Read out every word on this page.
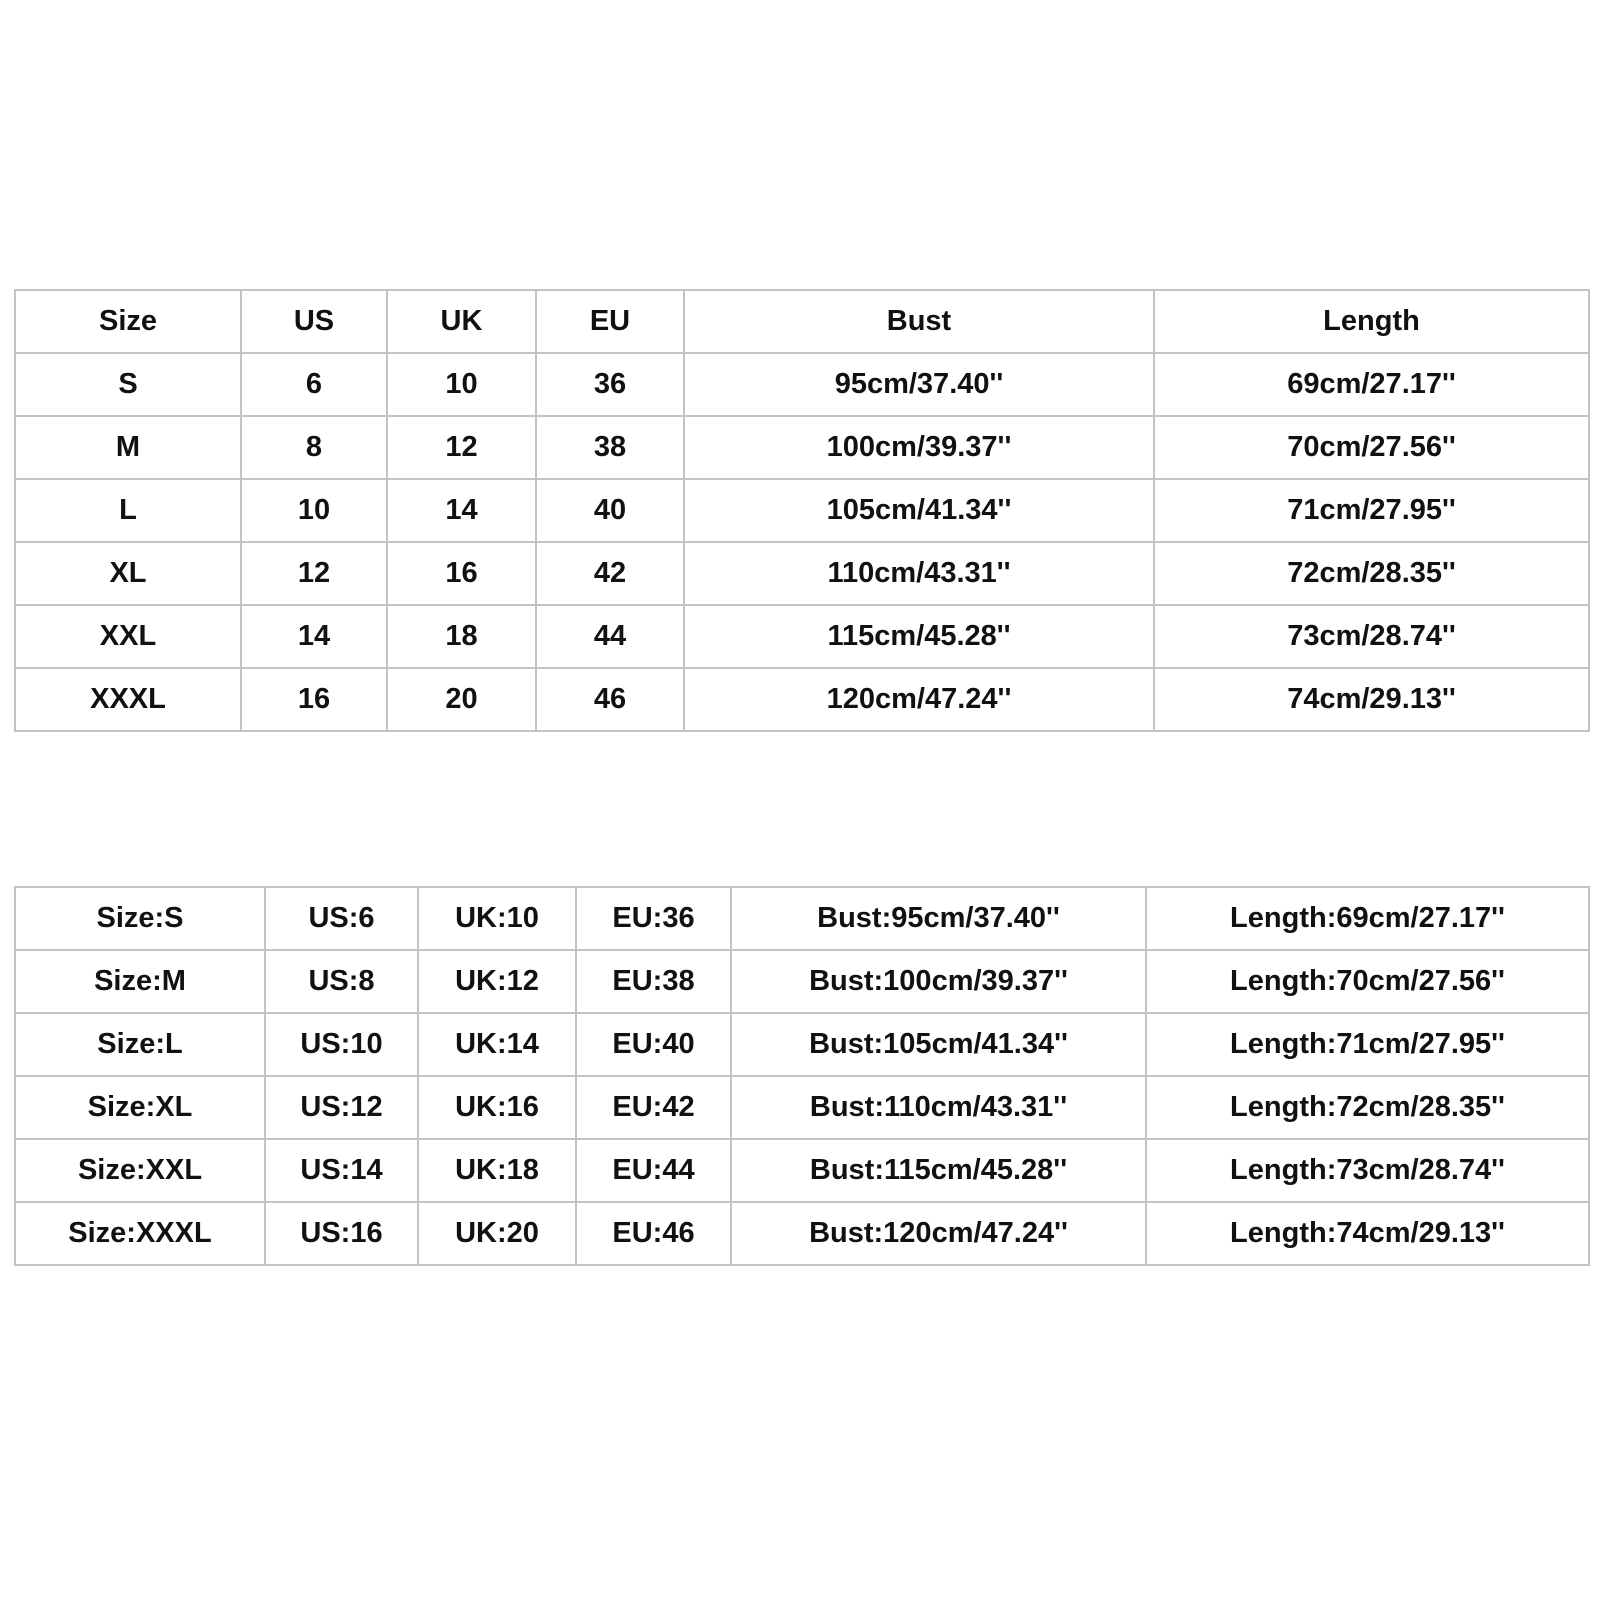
Size	US	UK	EU	Bust	Length
S	6	10	36	95cm/37.40''	69cm/27.17''
M	8	12	38	100cm/39.37''	70cm/27.56''
L	10	14	40	105cm/41.34''	71cm/27.95''
XL	12	16	42	110cm/43.31''	72cm/28.35''
XXL	14	18	44	115cm/45.28''	73cm/28.74''
XXXL	16	20	46	120cm/47.24''	74cm/29.13''
Size:S	US:6	UK:10	EU:36	Bust:95cm/37.40''	Length:69cm/27.17''
Size:M	US:8	UK:12	EU:38	Bust:100cm/39.37''	Length:70cm/27.56''
Size:L	US:10	UK:14	EU:40	Bust:105cm/41.34''	Length:71cm/27.95''
Size:XL	US:12	UK:16	EU:42	Bust:110cm/43.31''	Length:72cm/28.35''
Size:XXL	US:14	UK:18	EU:44	Bust:115cm/45.28''	Length:73cm/28.74''
Size:XXXL	US:16	UK:20	EU:46	Bust:120cm/47.24''	Length:74cm/29.13''
